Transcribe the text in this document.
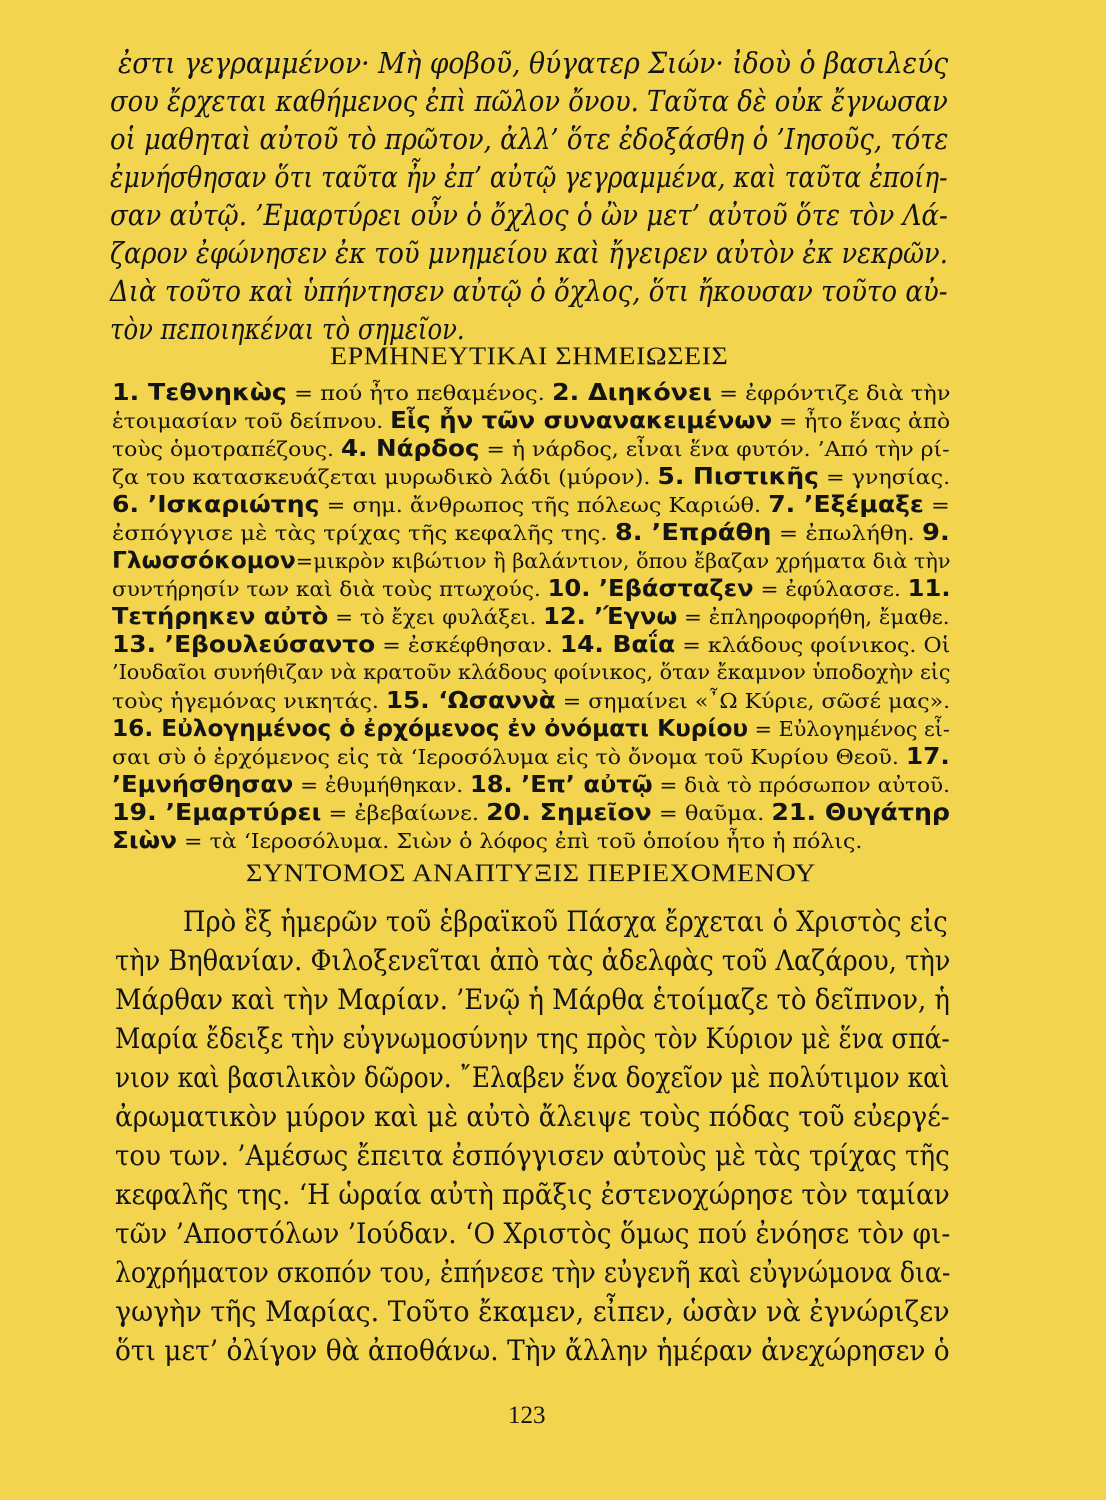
ἐστι γεγραμμένον· Μὴ φοβοῦ, θύγατερ Σιών· ἰδοὺ ὁ βασιλεύς
σου ἔρχεται καθήμενος ἐπὶ πῶλον ὄνου. Ταῦτα δὲ οὐκ ἔγνωσαν
οἱ μαθηταὶ αὐτοῦ τὸ πρῶτον, ἀλλ’ ὅτε ἐδοξάσθη ὁ ’Ιησοῦς, τότε
ἐμνήσθησαν ὅτι ταῦτα ἦν ἐπ’ αὐτῷ γεγραμμένα, καὶ ταῦτα ἐποίη-
σαν αὐτῷ. ’Εμαρτύρει οὖν ὁ ὄχλος ὁ ὢν μετ’ αὐτοῦ ὅτε τὸν Λά-
ζαρον ἐφώνησεν ἐκ τοῦ μνημείου καὶ ἤγειρεν αὐτὸν ἐκ νεκρῶν.
Διὰ τοῦτο καὶ ὑπήντησεν αὐτῷ ὁ ὄχλος, ὅτι ἤκουσαν τοῦτο αὐ-
τὸν πεποιηκέναι τὸ σημεῖον.
ΕΡΜΗΝΕΥΤΙΚΑΙ ΣΗΜΕΙΩΣΕΙΣ
1. Τεθνηκὼς = πού ἦτο πεθαμένος. 2. Διηκόνει = ἐφρόντιζε διὰ τὴν
ἑτοιμασίαν τοῦ δείπνου. Εἷς ἦν τῶν συνανακειμένων = ἦτο ἕνας ἀπὸ
τοὺς ὁμοτραπέζους. 4. Νάρδος = ἡ νάρδος, εἶναι ἕνα φυτόν. ’Από τὴν ρί-
ζα του κατασκευάζεται μυρωδικὸ λάδι (μύρον). 5. Πιστικῆς = γνησίας.
6. ’Ισκαριώτης = σημ. ἄνθρωπος τῆς πόλεως Καριώθ. 7. ’Εξέμαξε =
ἐσπόγγισε μὲ τὰς τρίχας τῆς κεφαλῆς της. 8. ’Επράθη = ἐπωλήθη. 9.
Γλωσσόκομον=μικρὸν κιβώτιον ἢ βαλάντιον, ὅπου ἔβαζαν χρήματα διὰ τὴν
συντήρησίν των καὶ διὰ τοὺς πτωχούς. 10. ’Εβάσταζεν = ἐφύλασσε. 11.
Τετήρηκεν αὐτὸ = τὸ ἔχει φυλάξει. 12. ’Έγνω = ἐπληροφορήθη, ἔμαθε.
13. ’Εβουλεύσαντο = ἐσκέφθησαν. 14. Βαΐα = κλάδους φοίνικος. Οἱ
’Ιουδαῖοι συνήθιζαν νὰ κρατοῦν κλάδους φοίνικος, ὅταν ἔκαμνον ὑποδοχὴν εἰς
τοὺς ἡγεμόνας νικητάς. 15. ‘Ωσαννὰ = σημαίνει «῏Ω Κύριε, σῶσέ μας».
16. Εὐλογημένος ὁ ἐρχόμενος ἐν ὀνόματι Κυρίου = Εὐλογημένος εἶ-
σαι σὺ ὁ ἐρχόμενος εἰς τὰ ‘Ιεροσόλυμα εἰς τὸ ὄνομα τοῦ Κυρίου Θεοῦ. 17.
’Εμνήσθησαν = ἐθυμήθηκαν. 18. ’Επ’ αὐτῷ = διὰ τὸ πρόσωπον αὐτοῦ.
19. ’Εμαρτύρει = ἐβεβαίωνε. 20. Σημεῖον = θαῦμα. 21. Θυγάτηρ
Σιὼν = τὰ ‘Ιεροσόλυμα. Σιὼν ὁ λόφος ἐπὶ τοῦ ὁποίου ἦτο ἡ πόλις.
ΣΥΝΤΟΜΟΣ ΑΝΑΠΤΥΞΙΣ ΠΕΡΙΕΧΟΜΕΝΟΥ
Πρὸ ἓξ ἡμερῶν τοῦ ἑβραϊκοῦ Πάσχα ἔρχεται ὁ Χριστὸς εἰς
τὴν Βηθανίαν. Φιλοξενεῖται ἀπὸ τὰς ἀδελφὰς τοῦ Λαζάρου, τὴν
Μάρθαν καὶ τὴν Μαρίαν. ’Ενῷ ἡ Μάρθα ἑτοίμαζε τὸ δεῖπνον, ἡ
Μαρία ἔδειξε τὴν εὐγνωμοσύνην της πρὸς τὸν Κύριον μὲ ἕνα σπά-
νιον καὶ βασιλικὸν δῶρον. ῎Ελαβεν ἕνα δοχεῖον μὲ πολύτιμον καὶ
ἀρωματικὸν μύρον καὶ μὲ αὐτὸ ἄλειψε τοὺς πόδας τοῦ εὐεργέ-
του των. ’Αμέσως ἔπειτα ἐσπόγγισεν αὐτοὺς μὲ τὰς τρίχας τῆς
κεφαλῆς της. ‘Η ὡραία αὐτὴ πρᾶξις ἐστενοχώρησε τὸν ταμίαν
τῶν ’Αποστόλων ’Ιούδαν. ‘Ο Χριστὸς ὅμως πού ἐνόησε τὸν φι-
λοχρήματον σκοπόν του, ἐπήνεσε τὴν εὐγενῆ καὶ εὐγνώμονα δια-
γωγὴν τῆς Μαρίας. Τοῦτο ἔκαμεν, εἶπεν, ὡσὰν νὰ ἐγνώριζεν
ὅτι μετ’ ὀλίγον θὰ ἀποθάνω. Τὴν ἄλλην ἡμέραν ἀνεχώρησεν ὁ
123
